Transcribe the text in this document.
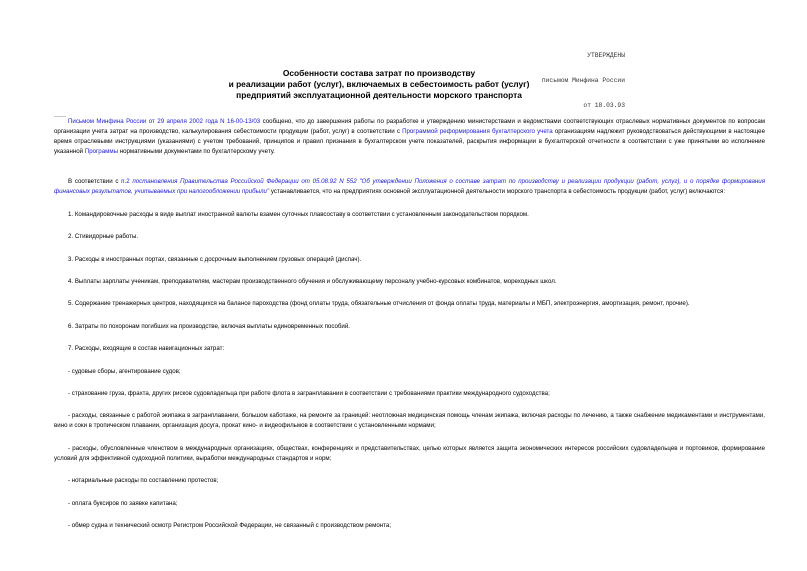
УТВЕРЖДЕНЫ

письмом Минфина России

от 18.03.93

Особенности состава затрат по производству
и реализации работ (услуг), включаемых в себестоимость работ (услуг)
предприятий эксплуатационной деятельности морского транспорта

Письмом Минфина России от 29 апреля 2002 года N 16-00-13/03 сообщено, что до завершения работы по разработке и утверждению министерствами и ведомствами соответствующих отраслевых нормативных документов по вопросам организации учета затрат на производство, калькулирования себестоимости продукции (работ, услуг) в соответствии с Программой реформирования бухгалтерского учета организациям надлежит руководствоваться действующими в настоящее время отраслевыми инструкциями (указаниями) с учетом требований, принципов и правил признания в бухгалтерском учете показателей, раскрытия информации в бухгалтерской отчетности в соответствии с уже принятыми во исполнение указанной Программы нормативными документами по бухгалтерскому учету.

В соответствии с п.2 постановления Правительства Российской Федерации от 05.08.92 N 552 "Об утверждении Положения о составе затрат по производству и реализации продукции (работ, услуг), и о порядке формирования финансовых результатов, учитываемых при налогообложении прибыли" устанавливается, что на предприятиях основной эксплуатационной деятельности морского транспорта в себестоимость продукции (работ, услуг) включаются:

1. Командировочные расходы в виде выплат иностранной валюты взамен суточных плавсоставу в соответствии с установленным законодательством порядком.

2. Стивидорные работы.

3. Расходы в иностранных портах, связанные с досрочным выполнением грузовых операций (диспач).

4. Выплаты зарплаты ученикам, преподавателям, мастерам производственного обучения и обслуживающему персоналу учебно-курсовых комбинатов, мореходных школ.

5. Содержание тренажерных центров, находящихся на балансе пароходства (фонд оплаты труда, обязательные отчисления от фонда оплаты труда, материалы и МБП, электроэнергия, амортизация, ремонт, прочие).

6. Затраты по похоронам погибших на производстве, включая выплаты единовременных пособий.

7. Расходы, входящие в состав навигационных затрат:

- судовые сборы, агентирование судов;

- страхование груза, фрахта, других рисков судовладельца при работе флота в загранплавании в соответствии с требованиями практики международного судоходства;

- расходы, связанные с работой экипажа в загранплавании, большом каботаже, на ремонте за границей: неотложная медицинская помощь членам экипажа, включая расходы по лечению, а также снабжение медикаментами и инструментами, вино и соки в тропическом плавании, организация досуга, прокат кино- и видеофильмов в соответствии с установленными нормами;

- расходы, обусловленные членством в международных организациях, обществах, конференциях и представительствах, целью которых является защита экономических интересов российских судовладельцев и портовиков, формирование условий для эффективной судоходной политики, выработки международных стандартов и норм;

- нотариальные расходы по составлению протестов;

- оплата буксиров по заявке капитана;

- обмер судна и технический осмотр Регистром Российской Федерации, не связанный с производством ремонта;
